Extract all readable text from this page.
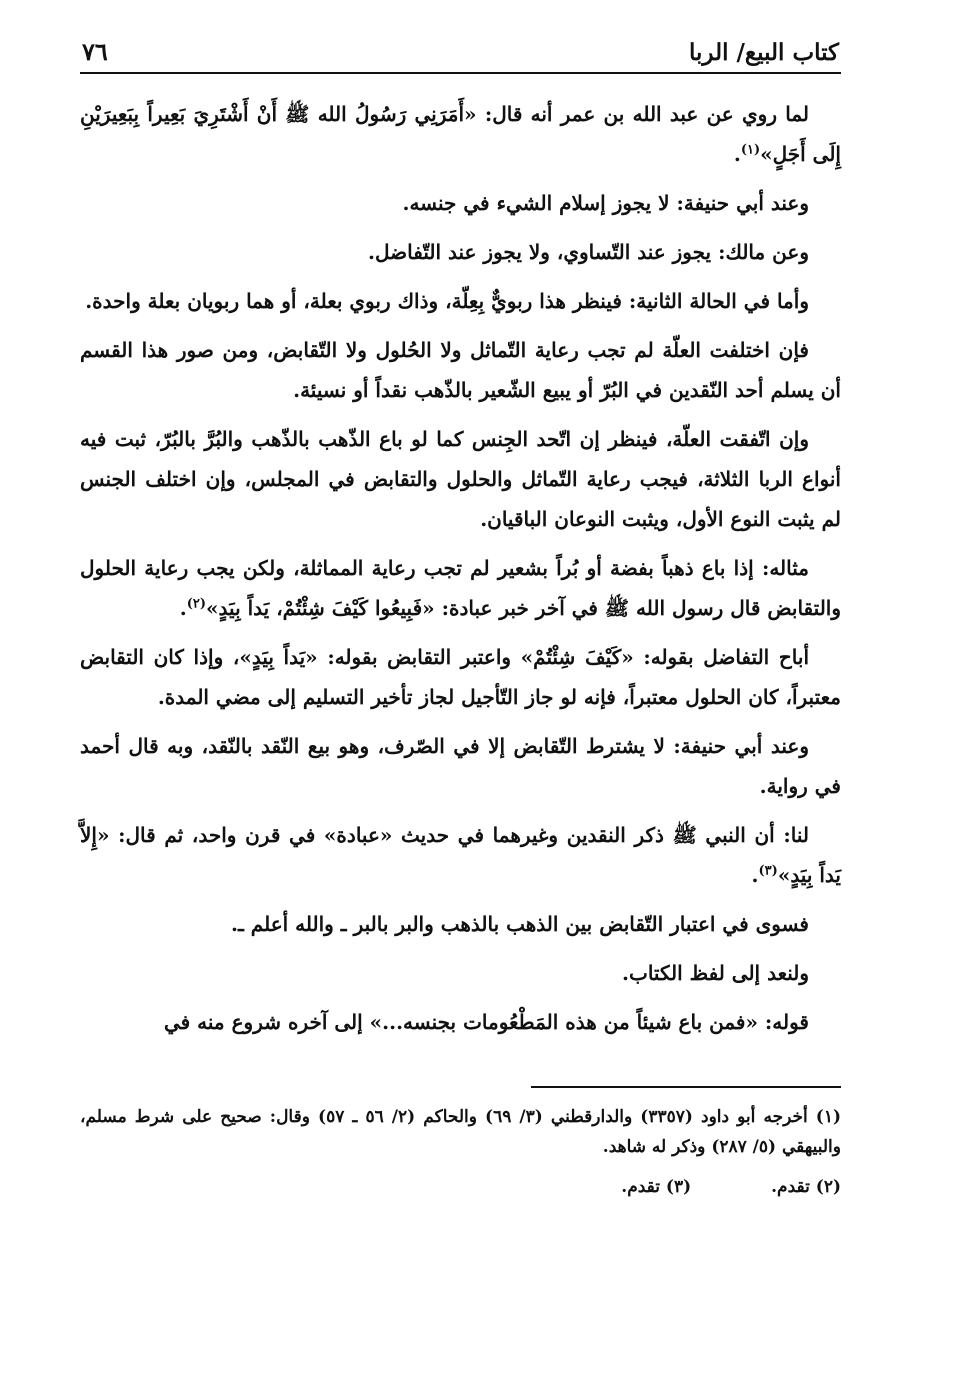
٧٦	كتاب البيع/ الربا

لما روي عن عبد الله بن عمر أنه قال: «أَمَرَنِي رَسُولُ الله ﷺ أَنْ أَشْتَرِيَ بَعِيراً بِبَعِيرَيْنِ إِلَى أَجَلٍ»$^{(١)}$.

وعند أبي حنيفة: لا يجوز إسلام الشيء في جنسه.

وعن مالك: يجوز عند التّساوي، ولا يجوز عند التّفاضل.

وأما في الحالة الثانية: فينظر هذا ربويٌّ بِعِلّة، وذاك ربوي بعلة، أو هما ربويان بعلة واحدة.

فإن اختلفت العلّة لم تجب رعاية التّماثل ولا الحُلول ولا التّقابض، ومن صور هذا القسم أن يسلم أحد النّقدين في البُرّ أو يبيع الشّعير بالذّهب نقداً أو نسيئة.

وإن اتّفقت العلّة، فينظر إن اتّحد الجِنس كما لو باع الذّهب بالذّهب والبُرَّ بالبُرّ، ثبت فيه أنواع الربا الثلاثة، فيجب رعاية التّماثل والحلول والتقابض في المجلس، وإن اختلف الجنس لم يثبت النوع الأول، ويثبت النوعان الباقيان.

مثاله: إذا باع ذهباً بفضة أو بُراً بشعير لم تجب رعاية المماثلة، ولكن يجب رعاية الحلول والتقابض قال رسول الله ﷺ في آخر خبر عبادة: «فَبِيعُوا كَيْفَ شِئْتُمْ، يَداً بِيَدٍ»$^{(٢)}$.

أباح التفاضل بقوله: «كَيْفَ شِئْتُمْ» واعتبر التقابض بقوله: «يَداً بِيَدٍ»، وإذا كان التقابض معتبراً، كان الحلول معتبراً، فإنه لو جاز التّأجيل لجاز تأخير التسليم إلى مضي المدة.

وعند أبي حنيفة: لا يشترط التّقابض إلا في الصّرف، وهو بيع النّقد بالنّقد، وبه قال أحمد في رواية.

لنا: أن النبي ﷺ ذكر النقدين وغيرهما في حديث «عبادة» في قرن واحد، ثم قال: «إِلاَّ يَداً بِيَدٍ»$^{(٣)}$.

فسوى في اعتبار التّقابض بين الذهب بالذهب والبر بالبر ـ والله أعلم ـ.

ولنعد إلى لفظ الكتاب.

قوله: «فمن باع شيئاً من هذه المَطْعُومات بجنسه...» إلى آخره شروع منه في

(١) أخرجه أبو داود (٣٣٥٧) والدارقطني (٣/ ٦٩) والحاكم (٢/ ٥٦ ـ ٥٧) وقال: صحيح على شرط مسلم، والبيهقي (٥/ ٢٨٧) وذكر له شاهد.

(٢) تقدم.
(٣) تقدم.
